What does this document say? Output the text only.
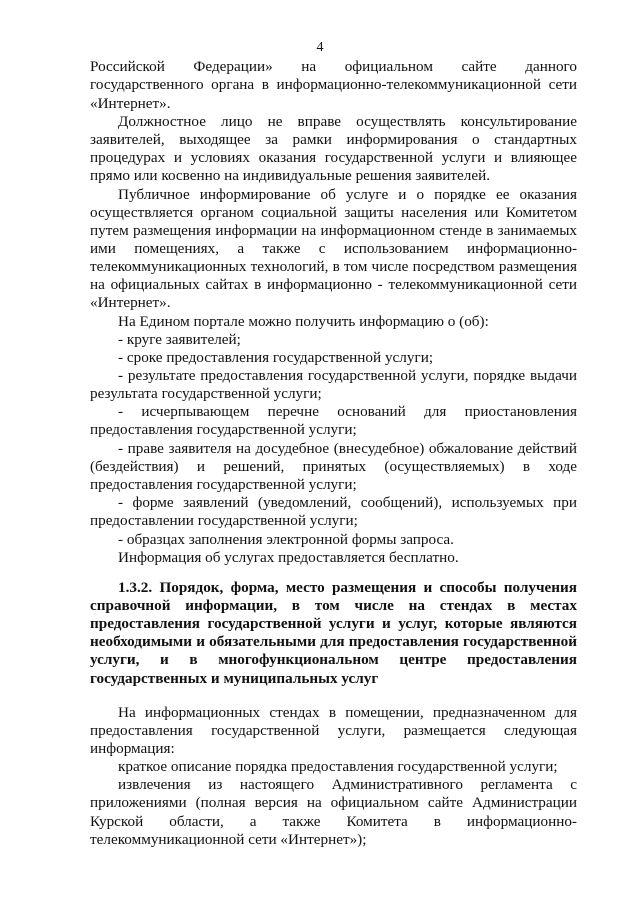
4
Российской Федерации» на официальном сайте данного
государственного органа в информационно-телекоммуникационной сети
«Интернет».
Должностное лицо не вправе осуществлять консультирование
заявителей, выходящее за рамки информирования о стандартных
процедурах и условиях оказания государственной услуги и влияющее
прямо или косвенно на индивидуальные решения заявителей.
Публичное информирование об услуге и о порядке ее оказания
осуществляется органом социальной защиты населения или Комитетом
путем размещения информации на информационном стенде в занимаемых
ими помещениях, а также с использованием информационно-
телекоммуникационных технологий, в том числе посредством размещения
на официальных сайтах в информационно - телекоммуникационной сети
«Интернет».
На Едином портале можно получить информацию о (об):
- круге заявителей;
- сроке предоставления государственной услуги;
- результате предоставления государственной услуги, порядке выдачи
результата государственной услуги;
- исчерпывающем перечне оснований для приостановления
предоставления государственной услуги;
- праве заявителя на досудебное (внесудебное) обжалование действий
(бездействия) и решений, принятых (осуществляемых) в ходе
предоставления государственной услуги;
- форме заявлений (уведомлений, сообщений), используемых при
предоставлении государственной услуги;
- образцах заполнения электронной формы запроса.
Информация об услугах предоставляется бесплатно.
1.3.2. Порядок, форма, место размещения и способы получения
справочной информации, в том числе на стендах в местах
предоставления государственной услуги и услуг, которые являются
необходимыми и обязательными для предоставления государственной
услуги, и в многофункциональном центре предоставления
государственных и муниципальных услуг
На информационных стендах в помещении, предназначенном для
предоставления государственной услуги, размещается следующая
информация:
краткое описание порядка предоставления государственной услуги;
извлечения из настоящего Административного регламента с
приложениями (полная версия на официальном сайте Администрации
Курской области, а также Комитета в информационно-
телекоммуникационной сети «Интернет»);
